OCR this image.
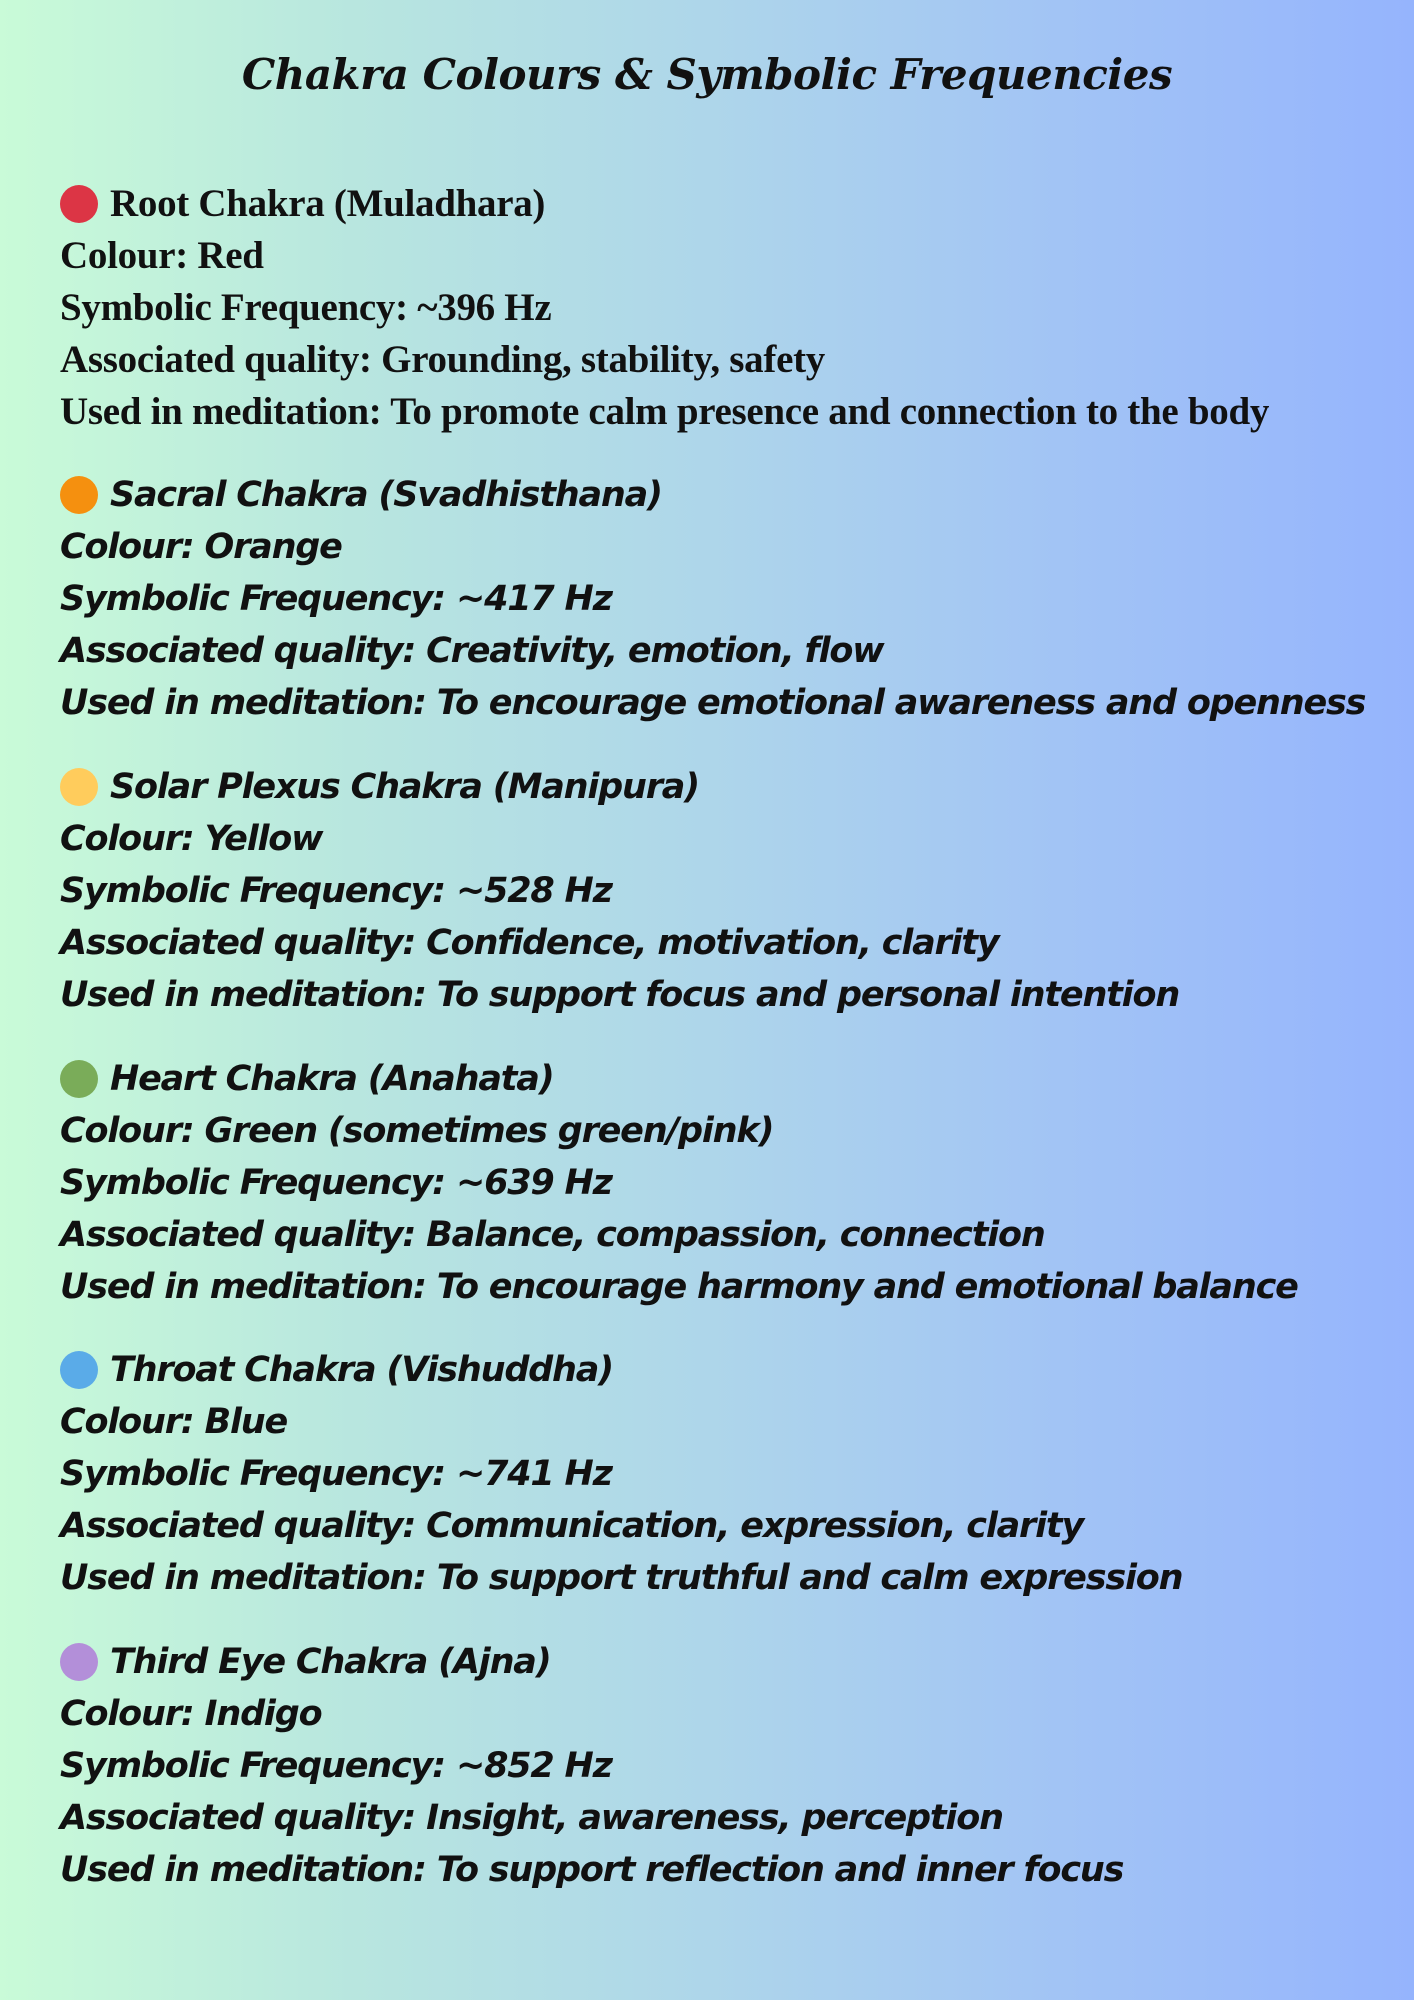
Chakra Colours & Symbolic Frequencies
Root Chakra (Muladhara)
Colour: Red
Symbolic Frequency: ~396 Hz
Associated quality: Grounding, stability, safety
Used in meditation: To promote calm presence and connection to the body
Sacral Chakra (Svadhisthana)
Colour: Orange
Symbolic Frequency: ~417 Hz
Associated quality: Creativity, emotion, flow
Used in meditation: To encourage emotional awareness and openness
Solar Plexus Chakra (Manipura)
Colour: Yellow
Symbolic Frequency: ~528 Hz
Associated quality: Confidence, motivation, clarity
Used in meditation: To support focus and personal intention
Heart Chakra (Anahata)
Colour: Green (sometimes green/pink)
Symbolic Frequency: ~639 Hz
Associated quality: Balance, compassion, connection
Used in meditation: To encourage harmony and emotional balance
Throat Chakra (Vishuddha)
Colour: Blue
Symbolic Frequency: ~741 Hz
Associated quality: Communication, expression, clarity
Used in meditation: To support truthful and calm expression
Third Eye Chakra (Ajna)
Colour: Indigo
Symbolic Frequency: ~852 Hz
Associated quality: Insight, awareness, perception
Used in meditation: To support reflection and inner focus
